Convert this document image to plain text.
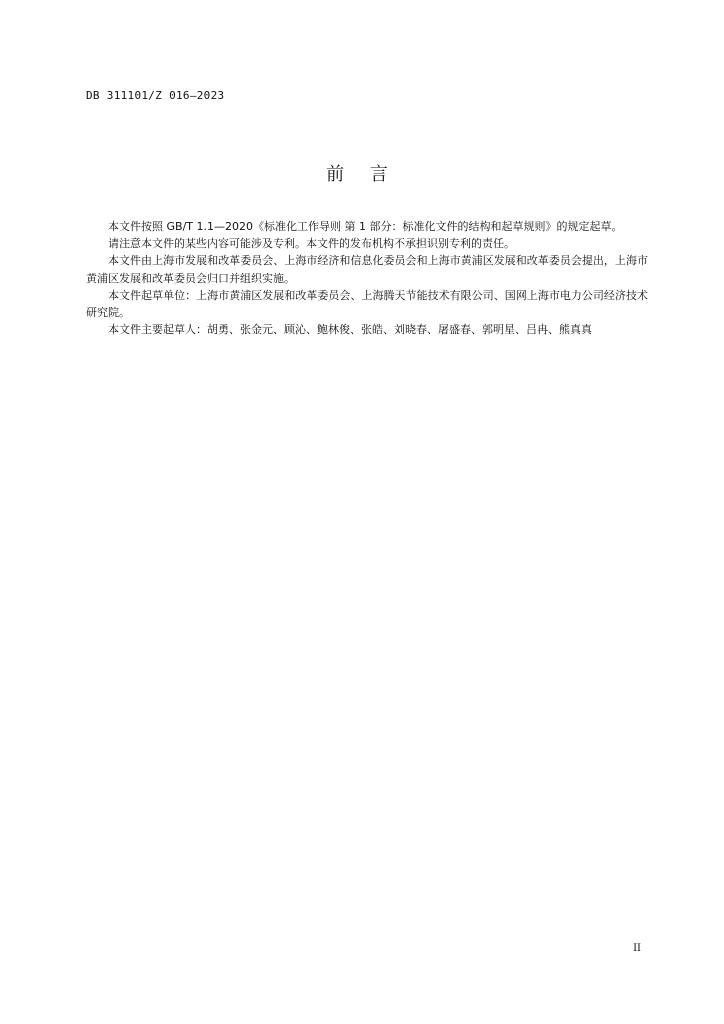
DB 311101/Z 016—2023
前 言

本文件按照 GB/T 1.1—2020《标准化工作导则 第 1 部分：标准化文件的结构和起草规则》的规定起草。

请注意本文件的某些内容可能涉及专利。本文件的发布机构不承担识别专利的责任。

本文件由上海市发展和改革委员会、上海市经济和信息化委员会和上海市黄浦区发展和改革委员会提出，上海市黄浦区发展和改革委员会归口并组织实施。

本文件起草单位：上海市黄浦区发展和改革委员会、上海腾天节能技术有限公司、国网上海市电力公司经济技术研究院。

本文件主要起草人：胡勇、张金元、顾沁、鲍林俊、张皓、刘晓春、屠盛春、郭明星、吕冉、熊真真

II
